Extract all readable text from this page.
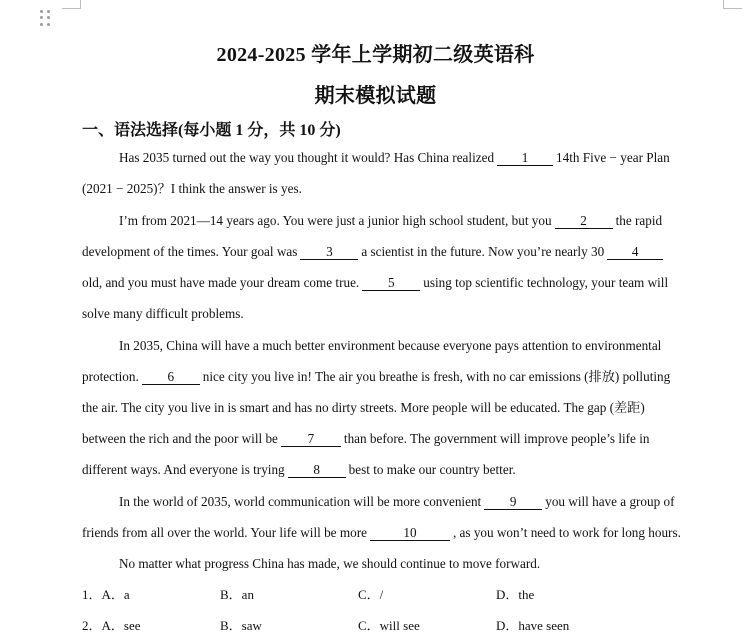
2024-2025 学年上学期初二级英语科
期末模拟试题
一、语法选择(每小题 1 分，共 10 分)
Has 2035 turned out the way you thought it would? Has China realized 1 14th Five − year Plan
(2021 − 2025)？I think the answer is yes.
I’m from 2021—14 years ago. You were just a junior high school student, but you 2 the rapid
development of the times. Your goal was 3 a scientist in the future. Now you’re nearly 30 4
old, and you must have made your dream come true. 5 using top scientific technology, your team will
solve many difficult problems.
In 2035, China will have a much better environment because everyone pays attention to environmental
protection. 6 nice city you live in! The air you breathe is fresh, with no car emissions (排放) polluting
the air. The city you live in is smart and has no dirty streets. More people will be educated. The gap (差距)
between the rich and the poor will be 7 than before. The government will improve people’s life in
different ways. And everyone is trying 8 best to make our country better.
In the world of 2035, world communication will be more convenient 9 you will have a group of
friends from all over the world. Your life will be more	10	, as you won’t need to work for long hours.
No matter what progress China has made, we should continue to move forward.
1．A．a	B．an	C．/	D．the
2．A．see	B．saw	C．will see	D．have seen
